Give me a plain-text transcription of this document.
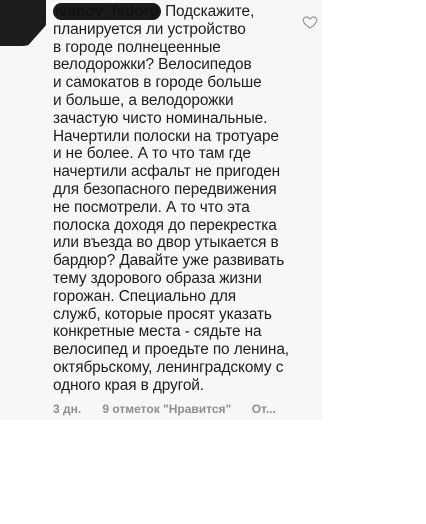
ivanov_fedorg Подскажите,
планируется ли устройство
в городе полнецеенные
велодорожки? Велосипедов
и самокатов в городе больше
и больше, а велодорожки
зачастую чисто номинальные.
Начертили полоски на тротуаре
и не более. А то что там где
начертили асфальт не пригоден
для безопасного передвижения
не посмотрели. А то что эта
полоска доходя до перекрестка
или въезда во двор утыкается в
бардюр? Давайте уже развивать
тему здорового образа жизни
горожан. Специально для
служб, которые просят указать
конкретные места - сядьте на
велосипед и проедьте по ленина,
октябрьскому, ленинградскому с
одного края в другой.
3 дн. 9 отметок "Нравится" От...
